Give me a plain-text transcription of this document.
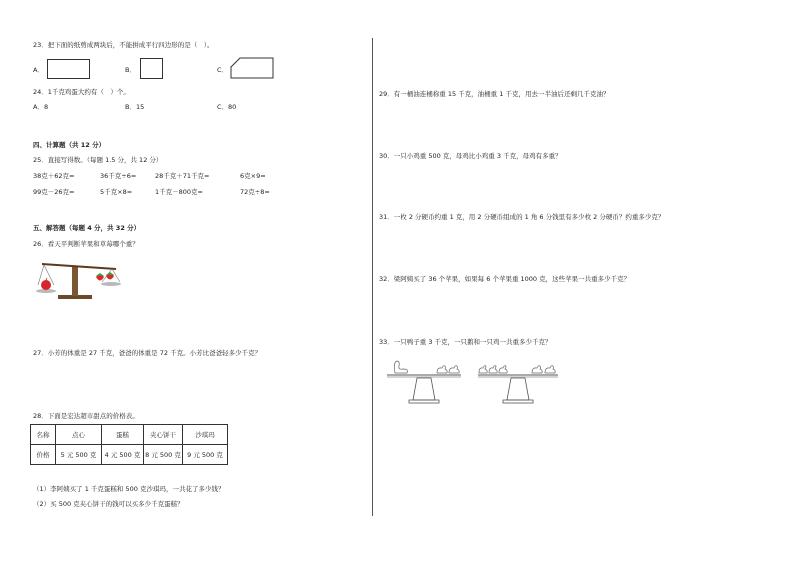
23．把下面的纸剪成两块后，不能拼成平行四边形的是（　）。
A．	B．	C．
24．1千克鸡蛋大约有（　）个。
A．8	B．15	C．80
四、计算题（共 12 分）
25．直接写得数。（每题 1.5 分，共 12 分）
38克＋62克=	36千克÷6=	28千克＋71千克=	6克×9=
99克－26克=	5千克×8=	1千克－800克=	72克÷8=
五、解答题（每题 4 分，共 32 分）
26．看天平判断苹果和草莓哪个重？
27．小芳的体重是 27 千克，爸爸的体重是 72 千克。小芳比爸爸轻多少千克？
28．下面是宏达超市甜点的价格表。
名称	点心	蛋糕	夹心饼干	沙琪玛
价格	5 元 500 克	4 元 500 克	8 元 500 克	9 元 500 克
（1）李阿姨买了 1 千克蛋糕和 500 克沙琪玛，一共花了多少钱？
（2）买 500 克夹心饼干的钱可以买多少千克蛋糕？
29．有一桶油连桶称重 15 千克，油桶重 1 千克，用去一半油后还剩几千克油？
30．一只小鸡重 500 克，母鸡比小鸡重 3 千克，母鸡有多重？
31．一枚 2 分硬币约重 1 克，用 2 分硬币组成的 1 角 6 分钱里有多少枚 2 分硬币？约重多少克？
32．梁阿姨买了 36 个苹果，如果每 6 个苹果重 1000 克，这些苹果一共重多少千克？
33．一只鸭子重 3 千克，一只鹅和一只鸡一共重多少千克？
